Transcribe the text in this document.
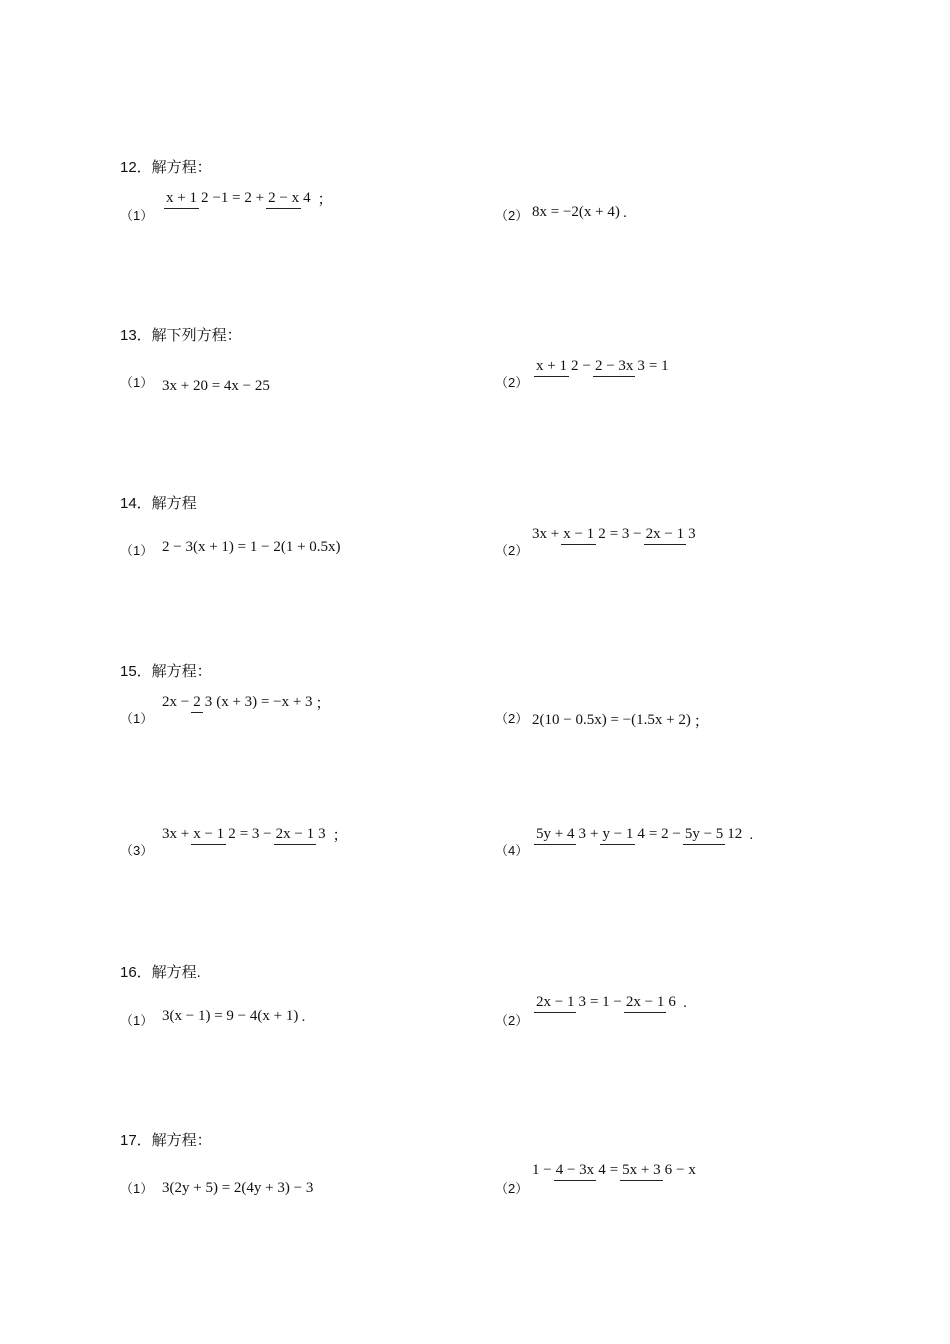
12．解方程：
（1）
x + 1 2 −1 = 2 + 2 − x 4 ；
（2） 8x = −2(x + 4) .
13．解下列方程：
（1） 3x + 20 = 4x − 25	（2）
x + 1 2 − 2 − 3x 3 = 1
14．解方程
（1） 2 − 3(x + 1) = 1 − 2(1 + 0.5x)	（2）
3x + x − 1 2 = 3 − 2x − 1 3
15．解方程：
（1）
2x − 2 3 (x + 3) = −x + 3 ；
（2） 2(10 − 0.5x) = −(1.5x + 2) ；
（3）
3x + x − 1 2 = 3 − 2x − 1 3 ；
（4）
5y + 4 3 + y − 1 4 = 2 − 5y − 5 12 .
16．解方程.
（1） 3(x − 1) = 9 − 4(x + 1) .	（2）
2x − 1 3 = 1 − 2x − 1 6 .
17．解方程：
（1） 3(2y + 5) = 2(4y + 3) − 3	（2）
1 − 4 − 3x 4 = 5x + 3 6 − x
